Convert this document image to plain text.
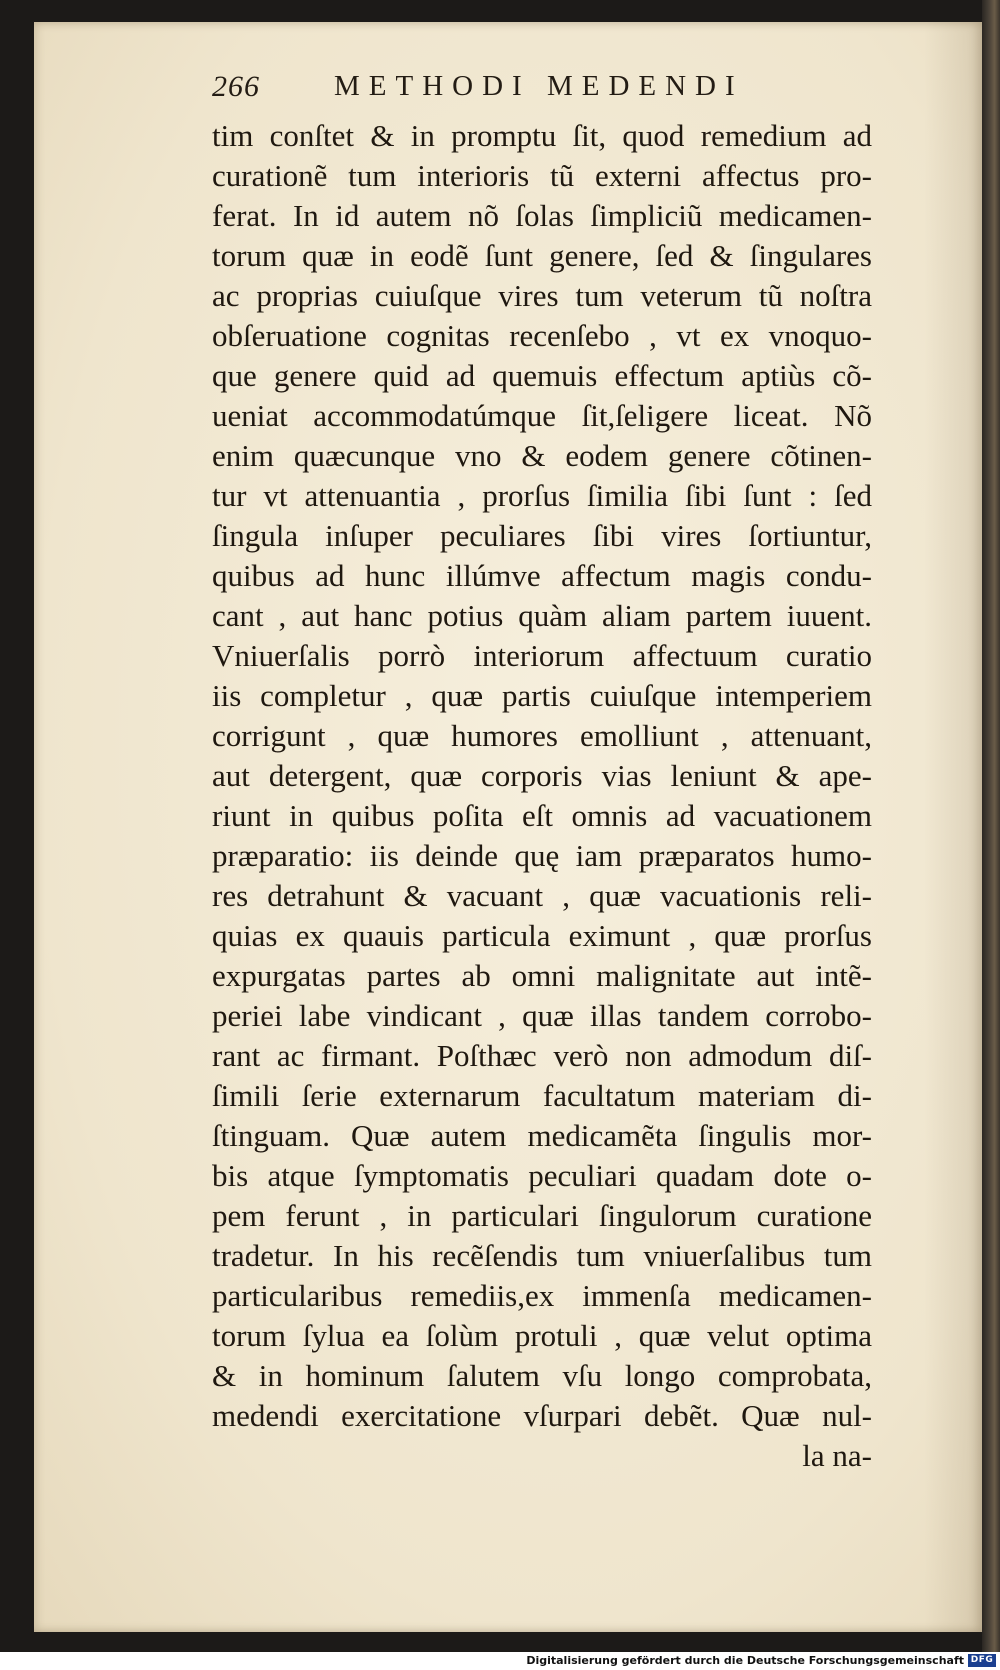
266	METHODI MEDENDI
tim conſtet & in promptu ſit, quod remedium ad
curationẽ tum interioris tũ externi affectus pro-
ferat. In id autem nõ ſolas ſimpliciũ medicamen-
torum quæ in eodẽ ſunt genere, ſed & ſingulares
ac proprias cuiuſque vires tum veterum tũ noſtra
obſeruatione cognitas recenſebo , vt ex vnoquo-
que genere quid ad quemuis effectum aptiùs cõ-
ueniat accommodatúmque ſit,ſeligere liceat. Nõ
enim quæcunque vno & eodem genere cõtinen-
tur vt attenuantia , prorſus ſimilia ſibi ſunt : ſed
ſingula inſuper peculiares ſibi vires ſortiuntur,
quibus ad hunc illúmve affectum magis condu-
cant , aut hanc potius quàm aliam partem iuuent.
Vniuerſalis porrò interiorum affectuum curatio
iis completur , quæ partis cuiuſque intemperiem
corrigunt , quæ humores emolliunt , attenuant,
aut detergent, quæ corporis vias leniunt & ape-
riunt in quibus poſita eſt omnis ad vacuationem
præparatio: iis deinde quę iam præparatos humo-
res detrahunt & vacuant , quæ vacuationis reli-
quias ex quauis particula eximunt , quæ prorſus
expurgatas partes ab omni malignitate aut intẽ-
periei labe vindicant , quæ illas tandem corrobo-
rant ac firmant. Poſthæc verò non admodum diſ-
ſimili ſerie externarum facultatum materiam di-
ſtinguam. Quæ autem medicamẽta ſingulis mor-
bis atque ſymptomatis peculiari quadam dote o-
pem ferunt , in particulari ſingulorum curatione
tradetur. In his recẽſendis tum vniuerſalibus tum
particularibus remediis,ex immenſa medicamen-
torum ſylua ea ſolùm protuli , quæ velut optima
& in hominum ſalutem vſu longo comprobata,
medendi exercitatione vſurpari debẽt. Quæ nul-
la na-
Digitalisierung gefördert durch die Deutsche Forschungsgemeinschaft DFG
